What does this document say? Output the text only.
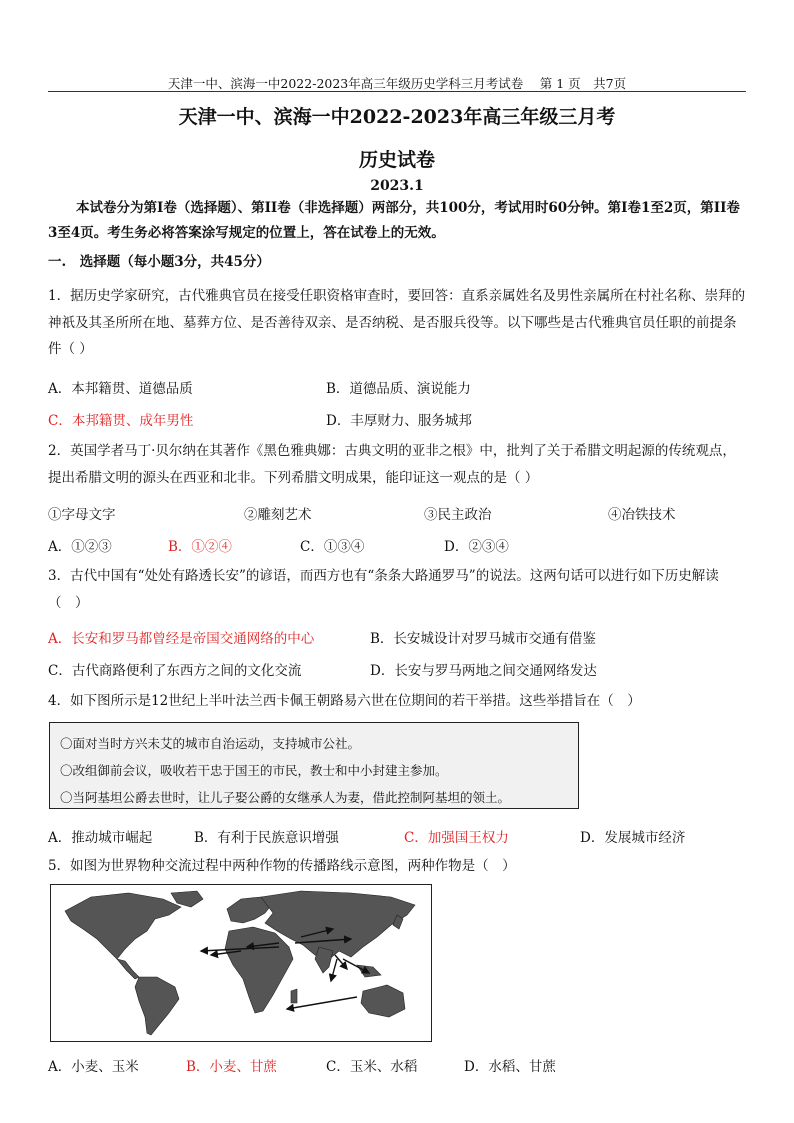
天津一中、滨海一中2022-2023年高三年级历史学科三月考试卷　 第 1 页　共7页
天津一中、滨海一中2022-2023年高三年级三月考
历史试卷
2023.1

本试卷分为第I卷（选择题）、第II卷（非选择题）两部分，共100分，考试用时60分钟。第I卷1至2页，第II卷3至4页。考生务必将答案涂写规定的位置上，答在试卷上的无效。

一.　选择题（每小题3分，共45分）

1．据历史学家研究，古代雅典官员在接受任职资格审查时，要回答：直系亲属姓名及男性亲属所在村社名称、崇拜的神祇及其圣所所在地、墓葬方位、是否善待双亲、是否纳税、是否服兵役等。以下哪些是古代雅典官员任职的前提条件（ ）

A．本邦籍贯、道德品质	B．道德品质、演说能力
C．本邦籍贯、成年男性	D．丰厚财力、服务城邦

2．英国学者马丁·贝尔纳在其著作《黑色雅典娜：古典文明的亚非之根》中，批判了关于希腊文明起源的传统观点，提出希腊文明的源头在西亚和北非。下列希腊文明成果，能印证这一观点的是（ ）

①字母文字	②雕刻艺术	③民主政治	④冶铁技术
A．①②③	B．①②④	C．①③④	D．②③④

3．古代中国有“处处有路透长安”的谚语，而西方也有“条条大路通罗马”的说法。这两句话可以进行如下历史解读（　）

A．长安和罗马都曾经是帝国交通网络的中心	B．长安城设计对罗马城市交通有借鉴
C．古代商路便利了东西方之间的文化交流	D．长安与罗马两地之间交通网络发达

4．如下图所示是12世纪上半叶法兰西卡佩王朝路易六世在位期间的若干举措。这些举措旨在（　）

〇面对当时方兴未艾的城市自治运动，支持城市公社。
〇改组御前会议，吸收若干忠于国王的市民，教士和中小封建主参加。
〇当阿基坦公爵去世时，让儿子娶公爵的女继承人为妻，借此控制阿基坦的领土。
A．推动城市崛起	B．有利于民族意识增强	C．加强国王权力	D．发展城市经济

5．如图为世界物种交流过程中两种作物的传播路线示意图，两种作物是（　）

A．小麦、玉米	B．小麦、甘蔗	C．玉米、水稻	D．水稻、甘蔗
